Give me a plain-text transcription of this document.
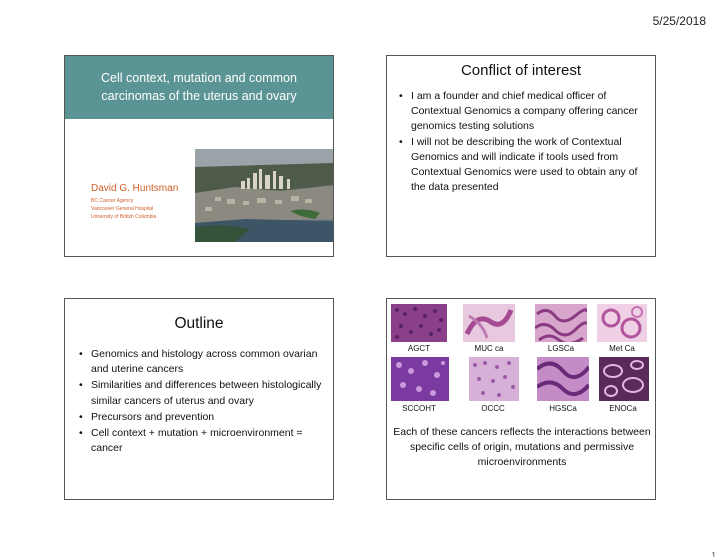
5/25/2018
Cell context, mutation and common carcinomas of the uterus and ovary
David G. Huntsman
BC Cancer Agency
Vancouver General Hospital
University of British Columbia
Conflict of interest
• I am a founder and chief medical officer of Contextual Genomics a company offering cancer genomics testing solutions
• I will not be describing the work of Contextual Genomics and will indicate if tools used from Contextual Genomics were used to obtain any of the data presented
Outline
• Genomics and histology across common ovarian and uterine cancers
• Similarities and differences between histologically similar cancers of uterus and ovary
• Precursors and prevention
• Cell context + mutation + microenvironment = cancer
AGCT	MUC ca	LGSCa	Met Ca
SCCOHT	OCCC	HGSCa	ENOCa
Each of these cancers reflects the interactions between specific cells of origin, mutations and permissive microenvironments
1
